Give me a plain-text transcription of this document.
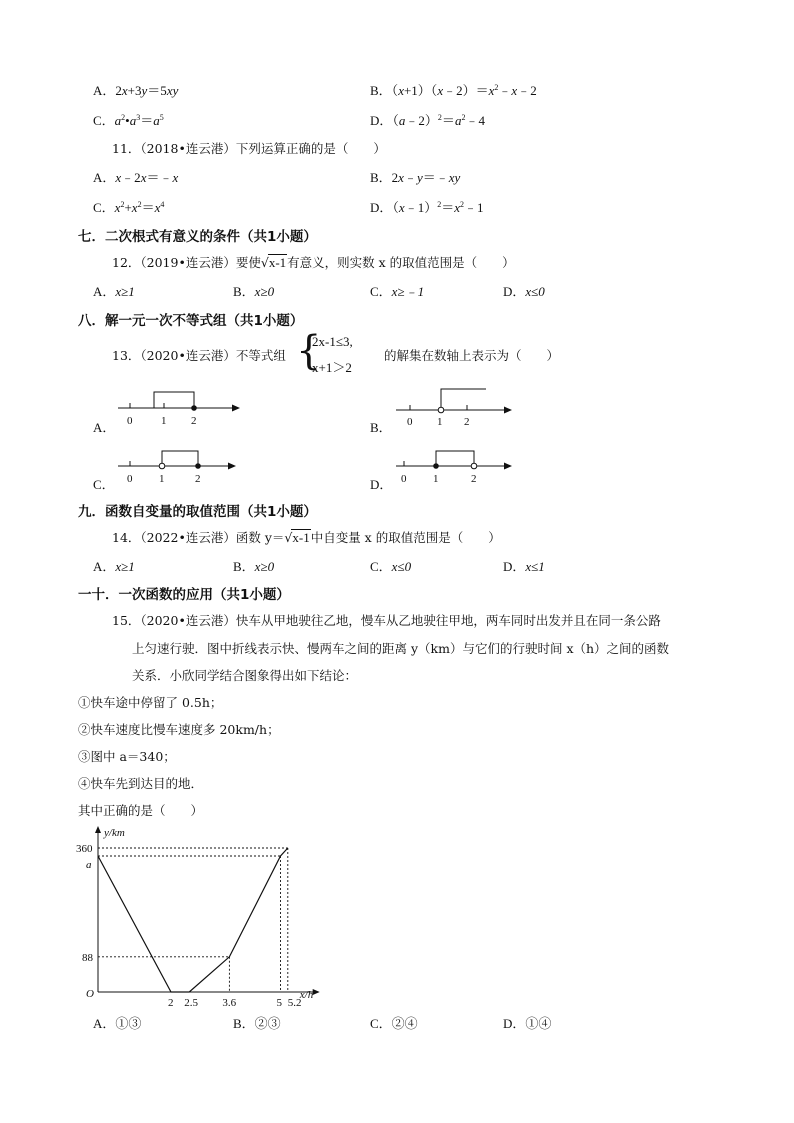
A．2x+3y＝5xy	B．$(x+1)(x﹣2)=x^2﹣x﹣2$
C．$a^2•a^3=a^5$	D．$(a﹣2)^2=a^2﹣4$
11．（2018•连云港）下列运算正确的是（　　）
A．x﹣2x＝﹣x	B．2x﹣y＝﹣xy
C．$x^2+x^2=x^4$	D．$(x﹣1)^2=x^2﹣1$
七．二次根式有意义的条件（共1小题）
12．（2019•连云港）要使√x-1有意义，则实数 x 的取值范围是（　　）
A．x≥1	B．x≥0	C．x≥﹣1	D．x≤0
八．解一元一次不等式组（共1小题）
13．（2020•连云港）不等式组 {
2x-1≤3,
x+1＞2
的解集在数轴上表示为（　　）
A．	B．
C．	D．
0	1 2	0 1 2
0 1	2	0 1	2
九．函数自变量的取值范围（共1小题）
14．（2022•连云港）函数 y＝√x-1中自变量 x 的取值范围是（　　）
A．x≥1	B．x≥0	C．x≤0	D．x≤1
一十．一次函数的应用（共1小题）
15．（2020•连云港）快车从甲地驶往乙地，慢车从乙地驶往甲地，两车同时出发并且在同一条公路
上匀速行驶．图中折线表示快、慢两车之间的距离 y（km）与它们的行驶时间 x（h）之间的函数
关系．小欣同学结合图象得出如下结论：
①快车途中停留了 0.5h；
②快车速度比慢车速度多 20km/h；
③图中 a＝340；
④快车先到达目的地．
其中正确的是（　　）
2 2.5 3.6	5 5.2
88
a
360
y/km
x/h
O
A．①③	B．②③	C．②④	D．①④
